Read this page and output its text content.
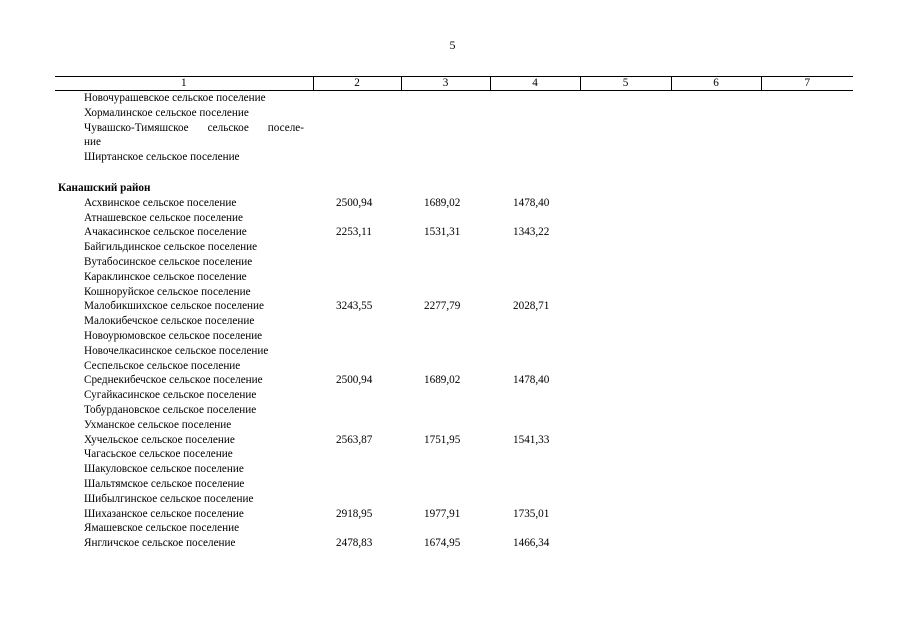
5
1	2	3	4	5	6	7
Новочурашевское сельское поселение						
Хормалинское сельское поселение						
Чувашско-Тимяшское сельское поселе-
ние						
Ширтанское сельское поселение						

Канашский район						
Асхвинское сельское поселение	2500,94	1689,02	1478,40			
Атнашевское сельское поселение						
Ачакасинское сельское поселение	2253,11	1531,31	1343,22			
Байгильдинское сельское поселение						
Вутабосинское сельское поселение						
Караклинское сельское поселение						
Кошноруйское сельское поселение						
Малобикшихское сельское поселение	3243,55	2277,79	2028,71			
Малокибечское сельское поселение						
Новоурюмовское сельское поселение						
Новочелкасинское сельское поселение						
Сеспельское сельское поселение						
Среднекибечское сельское поселение	2500,94	1689,02	1478,40			
Сугайкасинское сельское поселение						
Тобурдановское сельское поселение						
Ухманское сельское поселение						
Хучельское сельское поселение	2563,87	1751,95	1541,33			
Чагасьское сельское поселение						
Шакуловское сельское поселение						
Шальтямское сельское поселение						
Шибылгинское сельское поселение						
Шихазанское сельское поселение	2918,95	1977,91	1735,01			
Ямашевское сельское поселение						
Янгличское сельское поселение	2478,83	1674,95	1466,34			
